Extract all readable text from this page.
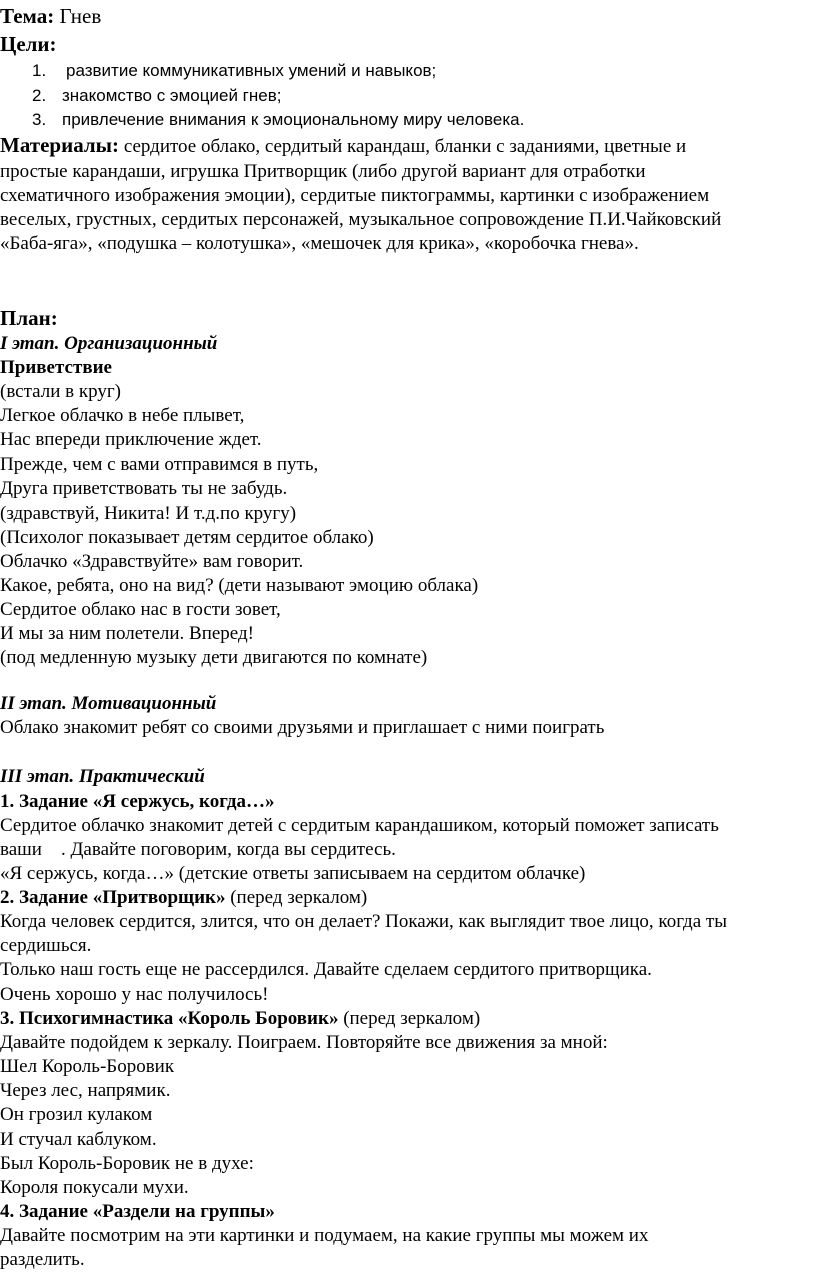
Тема: Гнев
Цели:
1. развитие коммуникативных умений и навыков;
2. знакомство с эмоцией гнев;
3. привлечение внимания к эмоциональному миру человека.
Материалы: сердитое облако, сердитый карандаш, бланки с заданиями, цветные и
простые карандаши, игрушка Притворщик (либо другой вариант для отработки
схематичного изображения эмоции), сердитые пиктограммы, картинки с изображением
веселых, грустных, сердитых персонажей, музыкальное сопровождение П.И.Чайковский
«Баба-яга», «подушка – колотушка», «мешочек для крика», «коробочка гнева».
План:
I этап. Организационный
Приветствие
(встали в круг)
Легкое облачко в небе плывет,
Нас впереди приключение ждет.
Прежде, чем с вами отправимся в путь,
Друга приветствовать ты не забудь.
(здравствуй, Никита! И т.д.по кругу)
(Психолог показывает детям сердитое облако)
Облачко «Здравствуйте» вам говорит.
Какое, ребята, оно на вид? (дети называют эмоцию облака)
Сердитое облако нас в гости зовет,
И мы за ним полетели. Вперед!
(под медленную музыку дети двигаются по комнате)
II этап. Мотивационный
Облако знакомит ребят со своими друзьями и приглашает с ними поиграть
III этап. Практический
1. Задание «Я сержусь, когда…»
Сердитое облачко знакомит детей с сердитым карандашиком, который поможет записать
ваши    . Давайте поговорим, когда вы сердитесь.
«Я сержусь, когда…» (детские ответы записываем на сердитом облачке)
2. Задание «Притворщик» (перед зеркалом)
Когда человек сердится, злится, что он делает? Покажи, как выглядит твое лицо, когда ты
сердишься.
Только наш гость еще не рассердился. Давайте сделаем сердитого притворщика.
Очень хорошо у нас получилось!
3. Психогимнастика «Король Боровик» (перед зеркалом)
Давайте подойдем к зеркалу. Поиграем. Повторяйте все движения за мной:
Шел Король-Боровик
Через лес, напрямик.
Он грозил кулаком
И стучал каблуком.
Был Король-Боровик не в духе:
Короля покусали мухи.
4. Задание «Раздели на группы»
Давайте посмотрим на эти картинки и подумаем, на какие группы мы можем их
разделить.
